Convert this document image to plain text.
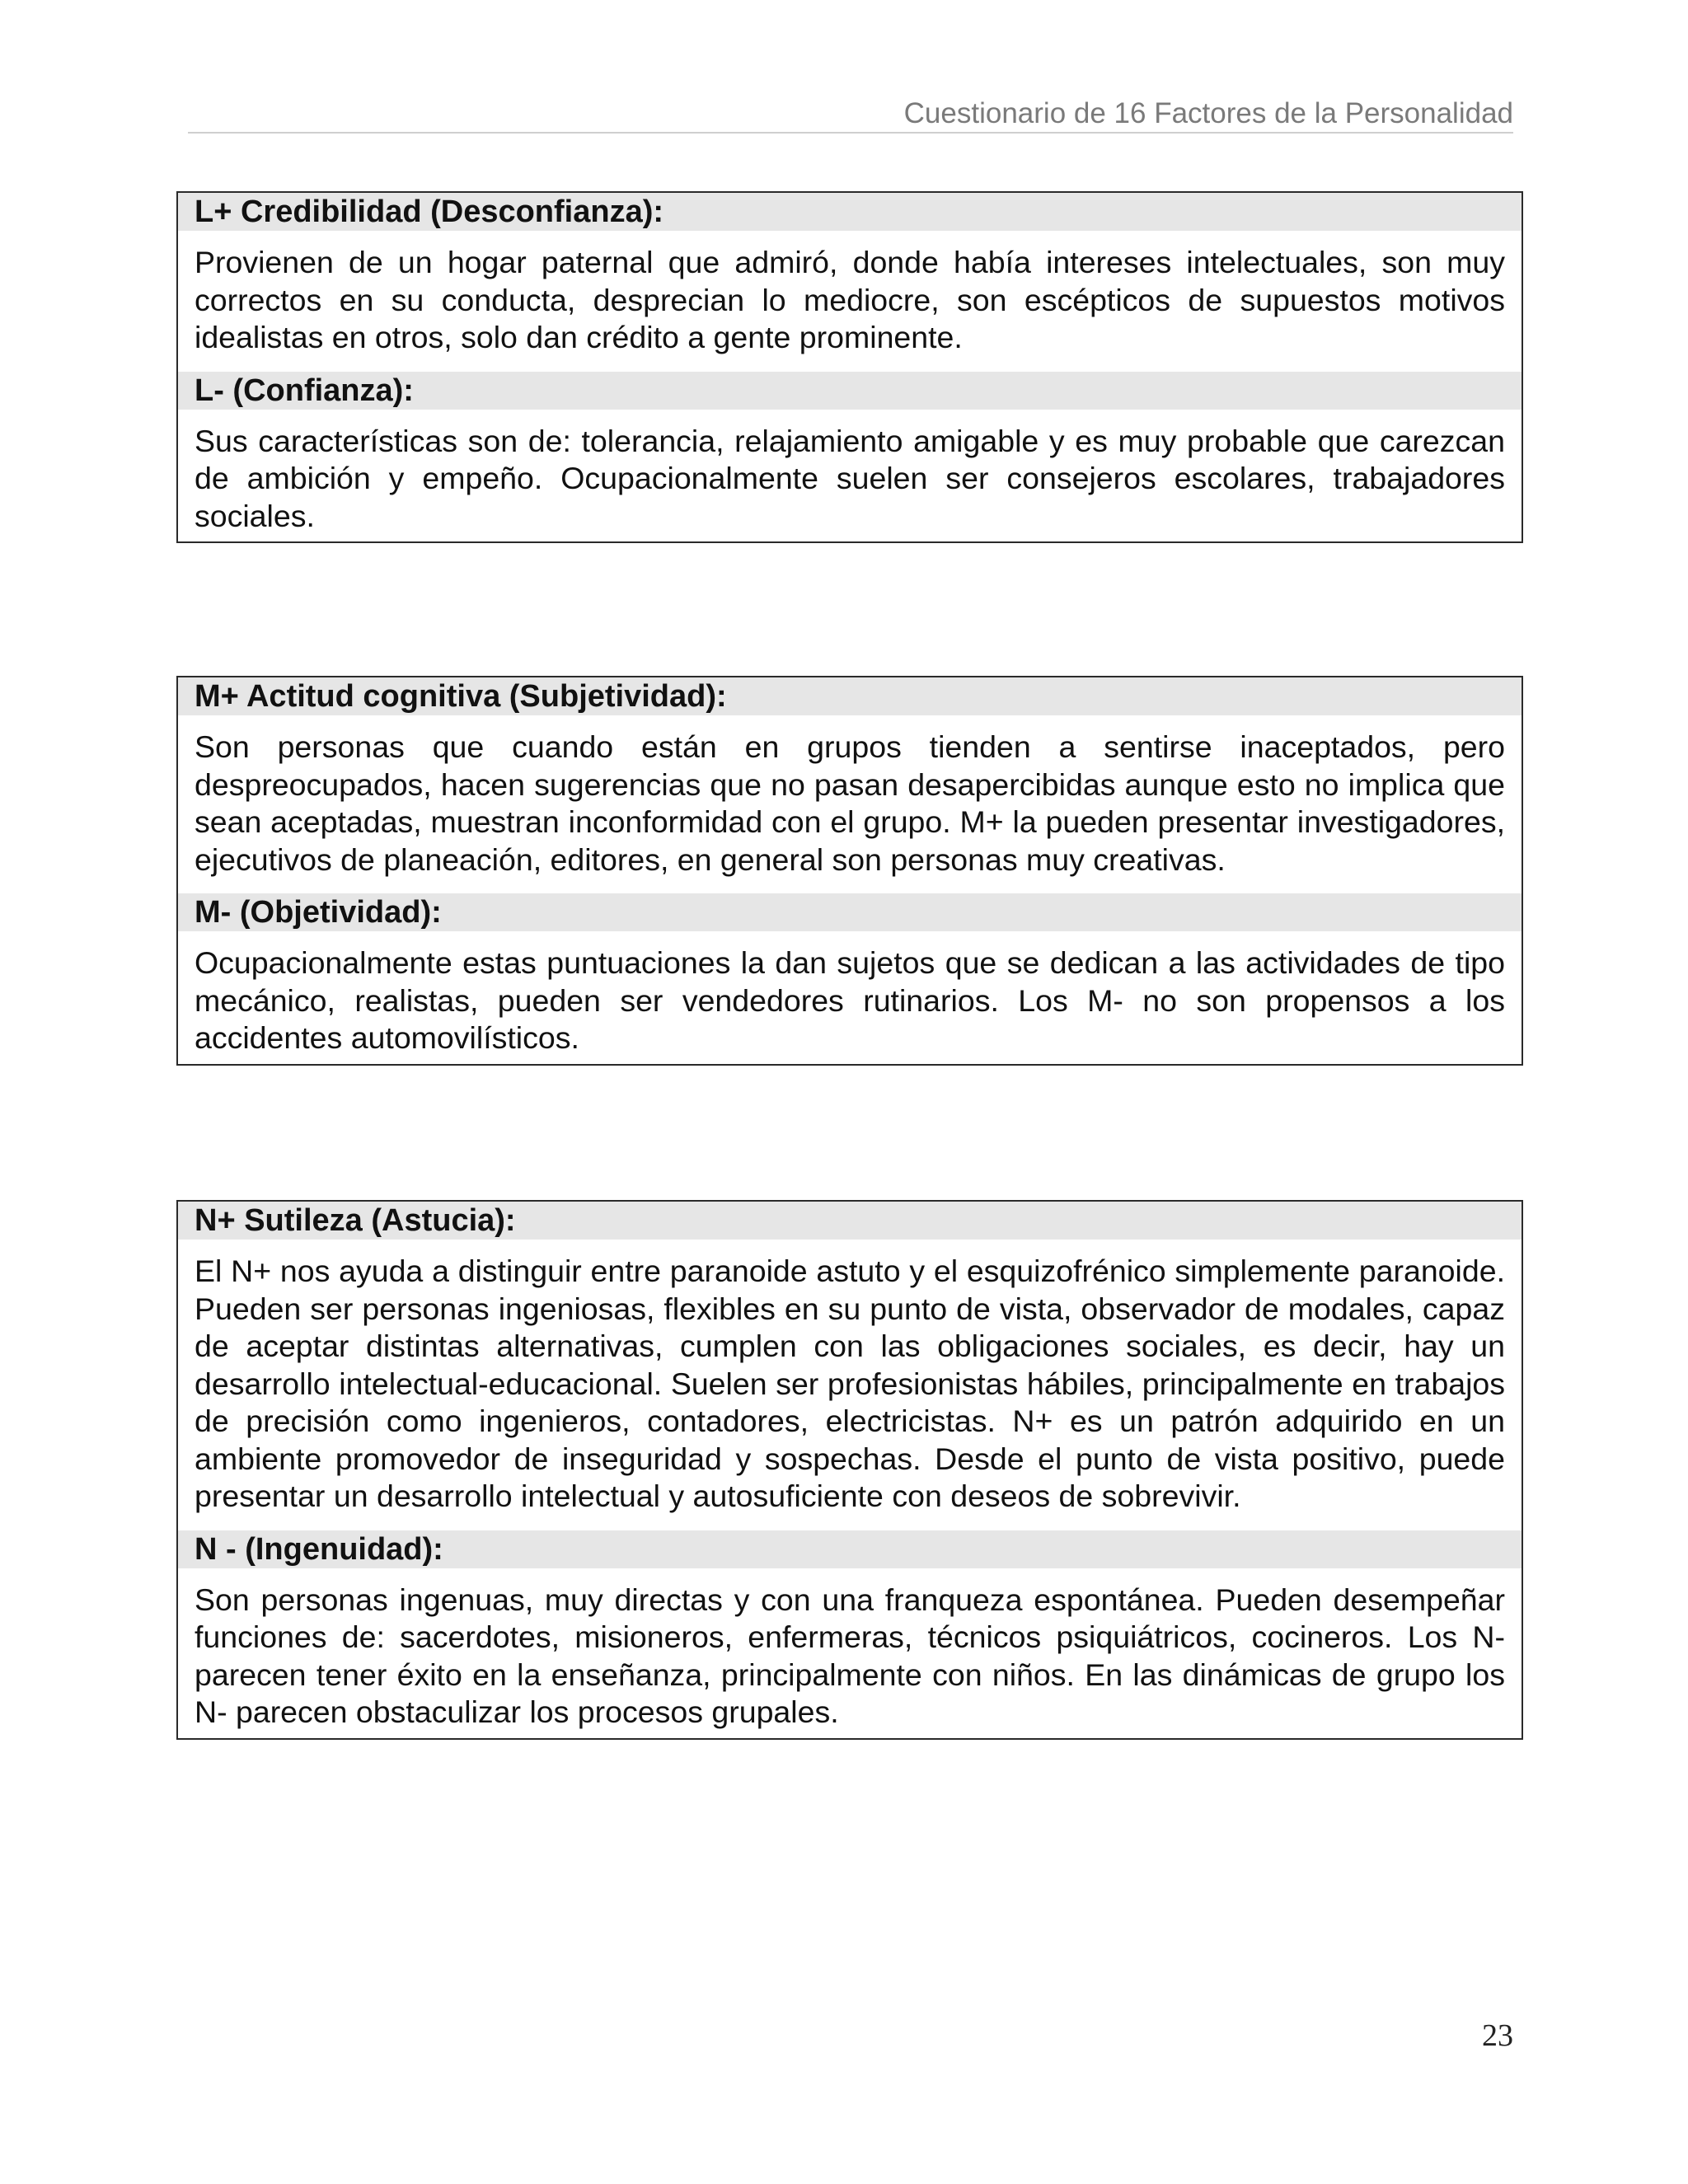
Cuestionario de 16 Factores de la Personalidad
L+ Credibilidad (Desconfianza):
Provienen de un hogar paternal que admiró, donde había intereses intelectuales, son muy correctos en su conducta, desprecian lo mediocre, son escépticos de supuestos motivos idealistas en otros, solo dan crédito a gente prominente.
L- (Confianza):
Sus características son de: tolerancia, relajamiento amigable y es muy probable que carezcan de ambición y empeño. Ocupacionalmente suelen ser consejeros escolares, trabajadores sociales.
M+ Actitud cognitiva (Subjetividad):
Son personas que cuando están en grupos tienden a sentirse inaceptados, pero despreocupados, hacen sugerencias que no pasan desapercibidas aunque esto no implica que sean aceptadas, muestran inconformidad con el grupo. M+ la pueden presentar investigadores, ejecutivos de planeación, editores, en general son personas muy creativas.
M- (Objetividad):
Ocupacionalmente estas puntuaciones la dan sujetos que se dedican a las actividades de tipo mecánico, realistas, pueden ser vendedores rutinarios. Los M- no son propensos a los accidentes automovilísticos.
N+ Sutileza (Astucia):
El N+ nos ayuda a distinguir entre paranoide astuto y el esquizofrénico simplemente paranoide. Pueden ser personas ingeniosas, flexibles en su punto de vista, observador de modales, capaz de aceptar distintas alternativas, cumplen con las obligaciones sociales, es decir, hay un desarrollo intelectual-educacional. Suelen ser profesionistas hábiles, principalmente en trabajos de precisión como ingenieros, contadores, electricistas. N+ es un patrón adquirido en un ambiente promovedor de inseguridad y sospechas. Desde el punto de vista positivo, puede presentar un desarrollo intelectual y autosuficiente con deseos de sobrevivir.
N - (Ingenuidad):
Son personas ingenuas, muy directas y con una franqueza espontánea. Pueden desempeñar funciones de: sacerdotes, misioneros, enfermeras, técnicos psiquiátricos, cocineros. Los N- parecen tener éxito en la enseñanza, principalmente con niños. En las dinámicas de grupo los N- parecen obstaculizar los procesos grupales.
23
